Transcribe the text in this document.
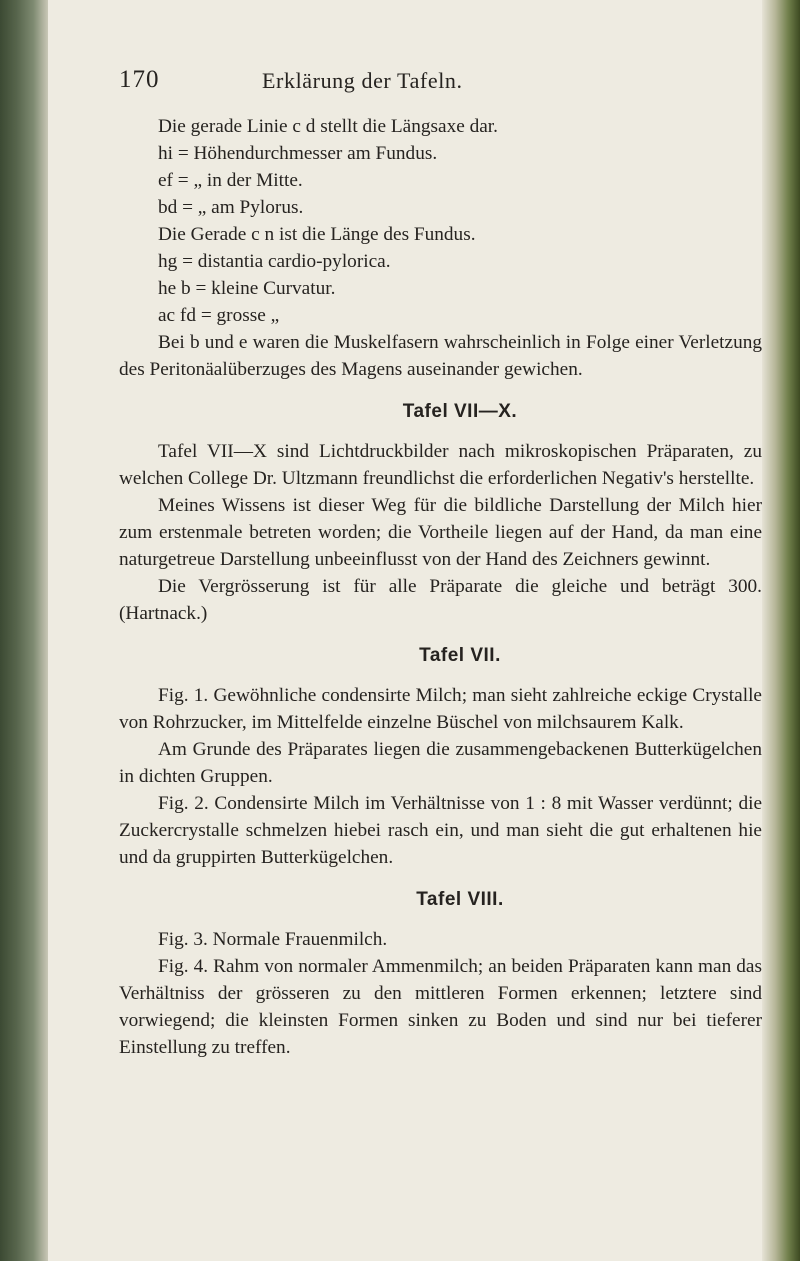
170	Erklärung der Tafeln.

Die gerade Linie c d stellt die Längsaxe dar.

hi = Höhendurchmesser am Fundus.

ef = „ in der Mitte.

bd = „ am Pylorus.

Die Gerade c n ist die Länge des Fundus.

hg = distantia cardio-pylorica.

he b = kleine Curvatur.

ac fd = grosse „

Bei b und e waren die Muskelfasern wahrscheinlich in Folge einer Verletzung des Peritonäalüberzuges des Magens auseinander gewichen.

Tafel VII—X.

Tafel VII—X sind Lichtdruckbilder nach mikroskopischen Präparaten, zu welchen College Dr. Ultzmann freundlichst die erforderlichen Negativ's herstellte.

Meines Wissens ist dieser Weg für die bildliche Darstellung der Milch hier zum erstenmale betreten worden; die Vortheile liegen auf der Hand, da man eine naturgetreue Darstellung unbeeinflusst von der Hand des Zeichners gewinnt.

Die Vergrösserung ist für alle Präparate die gleiche und beträgt 300. (Hartnack.)

Tafel VII.

Fig. 1. Gewöhnliche condensirte Milch; man sieht zahlreiche eckige Crystalle von Rohrzucker, im Mittelfelde einzelne Büschel von milchsaurem Kalk.

Am Grunde des Präparates liegen die zusammengebackenen Butterkügelchen in dichten Gruppen.

Fig. 2. Condensirte Milch im Verhältnisse von 1 : 8 mit Wasser verdünnt; die Zuckercrystalle schmelzen hiebei rasch ein, und man sieht die gut erhaltenen hie und da gruppirten Butterkügelchen.

Tafel VIII.

Fig. 3. Normale Frauenmilch.

Fig. 4. Rahm von normaler Ammenmilch; an beiden Präparaten kann man das Verhältniss der grösseren zu den mittleren Formen erkennen; letztere sind vorwiegend; die kleinsten Formen sinken zu Boden und sind nur bei tieferer Einstellung zu treffen.
